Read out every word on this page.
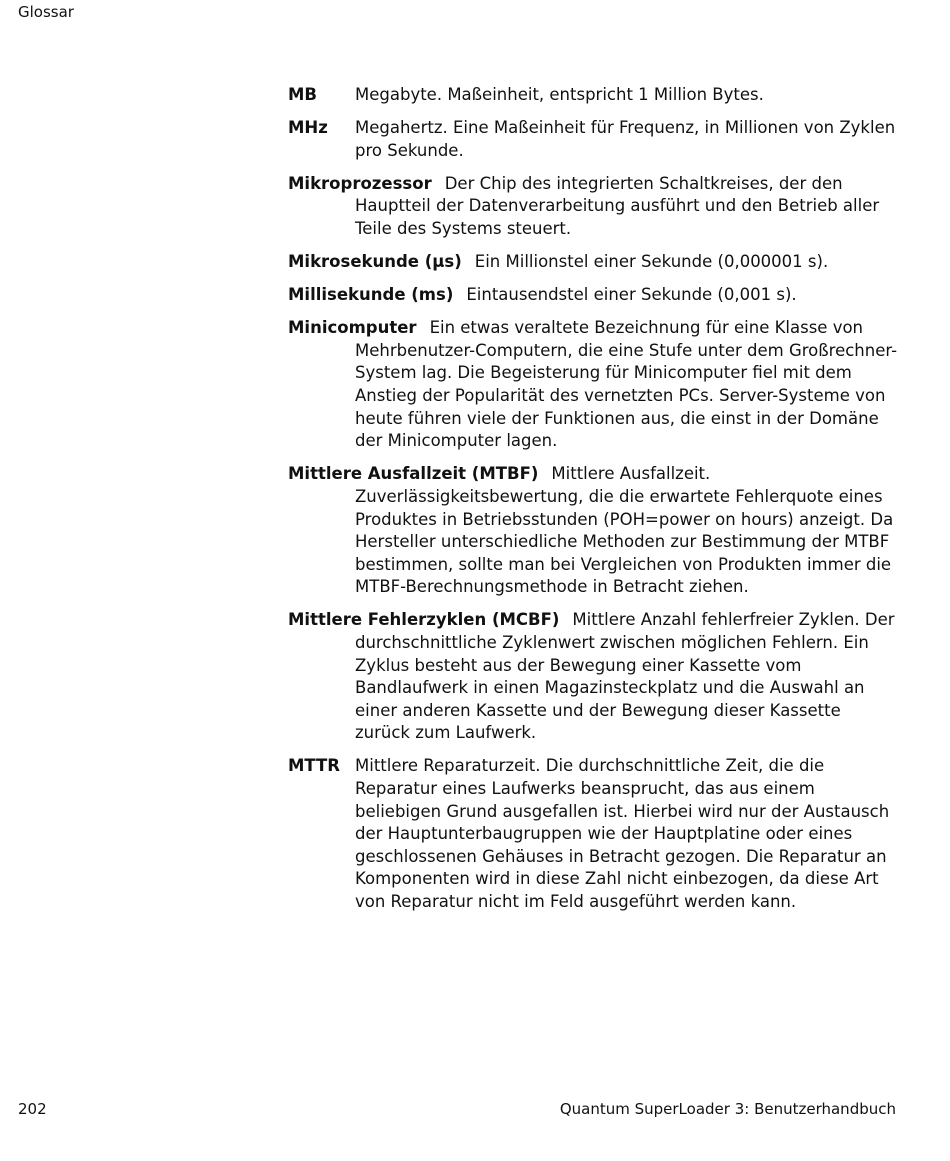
Glossar

MB Megabyte. Maßeinheit, entspricht 1 Million Bytes.

MHz Megahertz. Eine Maßeinheit für Frequenz, in Millionen von Zyklen pro Sekunde.

Mikroprozessor Der Chip des integrierten Schaltkreises, der den Hauptteil der Datenverarbeitung ausführt und den Betrieb aller Teile des Systems steuert.

Mikrosekunde (µs) Ein Millionstel einer Sekunde (0,000001 s).

Millisekunde (ms) Eintausendstel einer Sekunde (0,001 s).

Minicomputer Ein etwas veraltete Bezeichnung für eine Klasse von Mehrbenutzer-Computern, die eine Stufe unter dem Großrechner-System lag. Die Begeisterung für Minicomputer fiel mit dem Anstieg der Popularität des vernetzten PCs. Server-Systeme von heute führen viele der Funktionen aus, die einst in der Domäne der Minicomputer lagen.

Mittlere Ausfallzeit (MTBF) Mittlere Ausfallzeit. Zuverlässigkeitsbewertung, die die erwartete Fehlerquote eines Produktes in Betriebsstunden (POH=power on hours) anzeigt. Da Hersteller unterschiedliche Methoden zur Bestimmung der MTBF bestimmen, sollte man bei Vergleichen von Produkten immer die MTBF-Berechnungsmethode in Betracht ziehen.

Mittlere Fehlerzyklen (MCBF) Mittlere Anzahl fehlerfreier Zyklen. Der durchschnittliche Zyklenwert zwischen möglichen Fehlern. Ein Zyklus besteht aus der Bewegung einer Kassette vom Bandlaufwerk in einen Magazinsteckplatz und die Auswahl an einer anderen Kassette und der Bewegung dieser Kassette zurück zum Laufwerk.

MTTR Mittlere Reparaturzeit. Die durchschnittliche Zeit, die die Reparatur eines Laufwerks beansprucht, das aus einem beliebigen Grund ausgefallen ist. Hierbei wird nur der Austausch der Hauptunterbaugruppen wie der Hauptplatine oder eines geschlossenen Gehäuses in Betracht gezogen. Die Reparatur an Komponenten wird in diese Zahl nicht einbezogen, da diese Art von Reparatur nicht im Feld ausgeführt werden kann.

202	Quantum SuperLoader 3: Benutzerhandbuch
